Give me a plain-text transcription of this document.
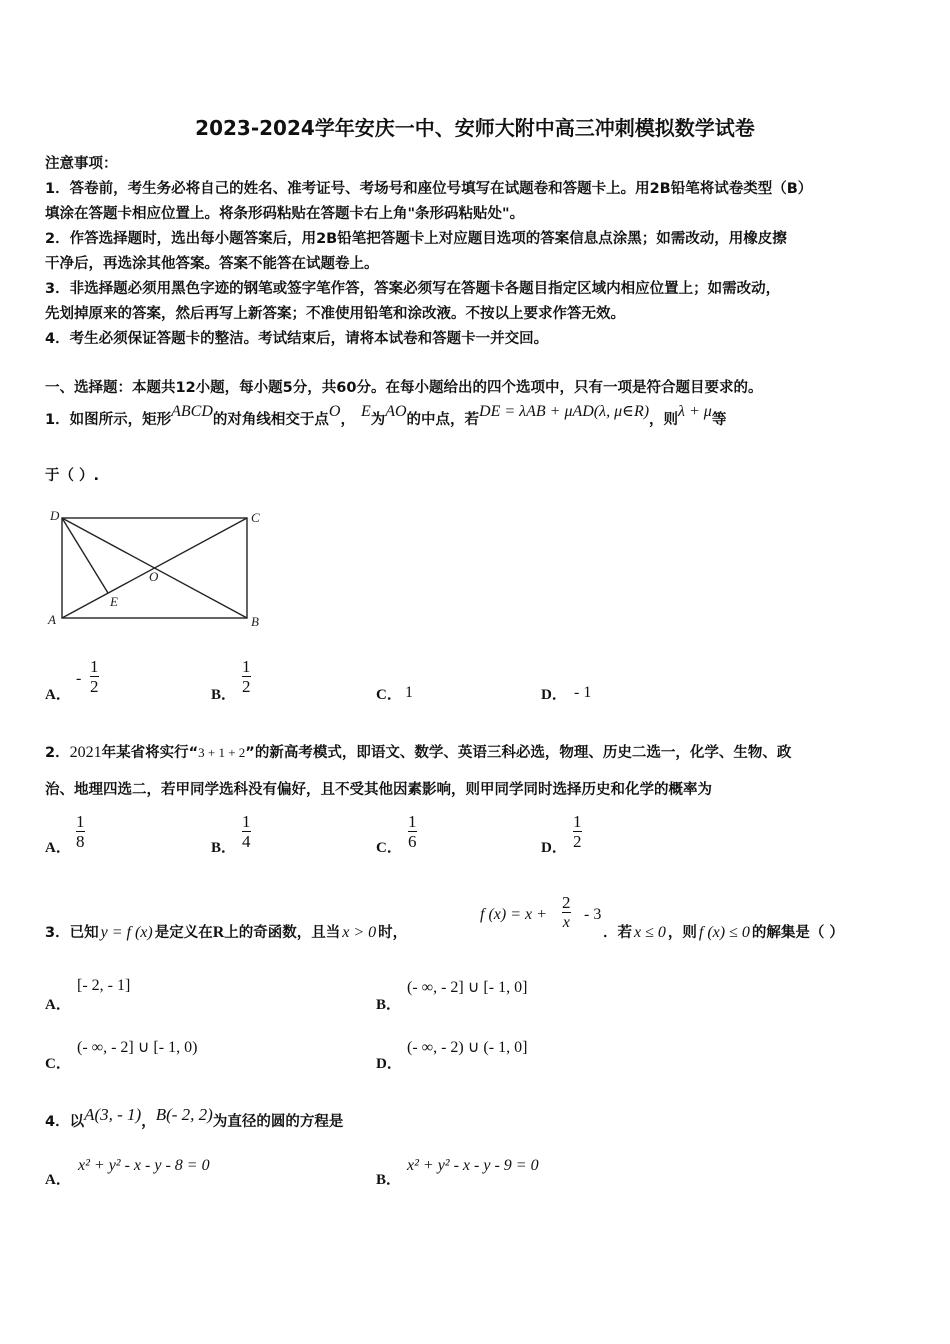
2023-2024学年安庆一中、安师大附中高三冲刺模拟数学试卷
注意事项：
1．答卷前，考生务必将自己的姓名、准考证号、考场号和座位号填写在试题卷和答题卡上。用2B铅笔将试卷类型（B）
填涂在答题卡相应位置上。将条形码粘贴在答题卡右上角"条形码粘贴处"。
2．作答选择题时，选出每小题答案后，用2B铅笔把答题卡上对应题目选项的答案信息点涂黑；如需改动，用橡皮擦
干净后，再选涂其他答案。答案不能答在试题卷上。
3．非选择题必须用黑色字迹的钢笔或签字笔作答，答案必须写在答题卡各题目指定区域内相应位置上；如需改动，
先划掉原来的答案，然后再写上新答案；不准使用铅笔和涂改液。不按以上要求作答无效。
4．考生必须保证答题卡的整洁。考试结束后，请将本试卷和答题卡一并交回。
一、选择题：本题共12小题，每小题5分，共60分。在每小题给出的四个选项中，只有一项是符合题目要求的。
1．如图所示，矩形ABCD的对角线相交于点O， E为AO的中点，若DE = λAB + μAD(λ, μ∈R)，则λ + μ等
于（ ）.
D	C
O
E
A	B
A．
-
1
2	B．
1
2	C． 1	D． - 1
2．2021年某省将实行“3 + 1 + 2”的新高考模式，即语文、数学、英语三科必选，物理、历史二选一，化学、生物、政
治、地理四选二，若甲同学选科没有偏好，且不受其他因素影响，则甲同学同时选择历史和化学的概率为
A．
1
8	B．
1
4	C．
1
6	D．
1
2
3．已知 y = f (x) 是定义在R上的奇函数，且当 x > 0 时，
f (x) = x +
2
x - 3
．若 x ≤ 0 ，则 f (x) ≤ 0 的解集是（ ）
A．
[- 2, - 1]
B．
(- ∞, - 2] ∪ [- 1, 0]
C．
(- ∞, - 2] ∪ [- 1, 0)
D．
(- ∞, - 2) ∪ (- 1, 0]
4．以A(3, - 1)，B(- 2, 2)为直径的圆的方程是
A．
x² + y² - x - y - 8 = 0
B．
x² + y² - x - y - 9 = 0
